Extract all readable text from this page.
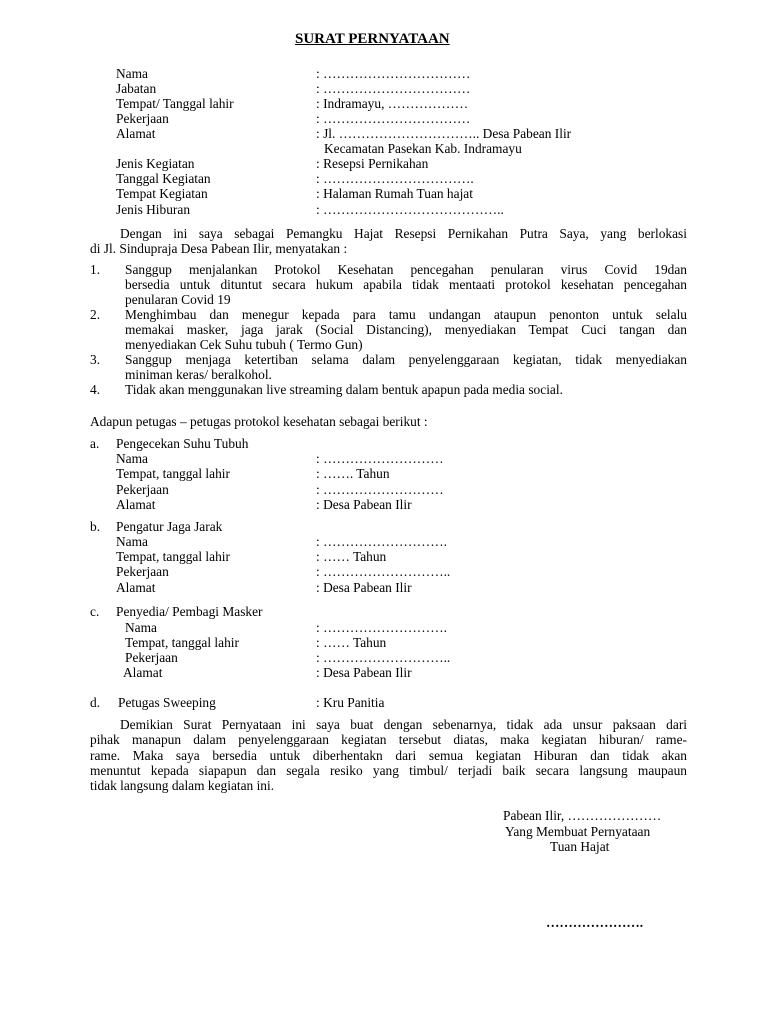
SURAT PERNYATAAN
Nama	: ……………………………
Jabatan	: ……………………………
Tempat/ Tanggal lahir	: Indramayu, ………………
Pekerjaan	: ……………………………
Alamat	: Jl. ………………………….. Desa Pabean Ilir
Kecamatan Pasekan Kab. Indramayu
Jenis Kegiatan	: Resepsi Pernikahan
Tanggal Kegiatan	: …………………………….
Tempat Kegiatan	: Halaman Rumah Tuan hajat
Jenis Hiburan	: …………………………………..
Dengan ini saya sebagai Pemangku Hajat Resepsi Pernikahan Putra Saya, yang berlokasi
di Jl. Sindupraja Desa Pabean Ilir, menyatakan :
1. Sanggup menjalankan Protokol Kesehatan pencegahan penularan virus Covid 19dan
bersedia untuk dituntut secara hukum apabila tidak mentaati protokol kesehatan pencegahan
penularan Covid 19
2. Menghimbau dan menegur kepada para tamu undangan ataupun penonton untuk selalu
memakai masker, jaga jarak (Social Distancing), menyediakan Tempat Cuci tangan dan
menyediakan Cek Suhu tubuh ( Termo Gun)
3. Sanggup menjaga ketertiban selama dalam penyelenggaraan kegiatan, tidak menyediakan
miniman keras/ beralkohol.
4. Tidak akan menggunakan live streaming dalam bentuk apapun pada media social.
Adapun petugas – petugas protokol kesehatan sebagai berikut :
a. Pengecekan Suhu Tubuh
Nama	: ………………………
Tempat, tanggal lahir	: ……. Tahun
Pekerjaan	: ………………………
Alamat	: Desa Pabean Ilir
b. Pengatur Jaga Jarak
Nama	: ……………………….
Tempat, tanggal lahir	: …… Tahun
Pekerjaan	: ………………………..
Alamat	: Desa Pabean Ilir
c. Penyedia/ Pembagi Masker
Nama	: ……………………….
Tempat, tanggal lahir	: …… Tahun
Pekerjaan	: ………………………..
Alamat	: Desa Pabean Ilir
d. Petugas Sweeping	: Kru Panitia
Demikian Surat Pernyataan ini saya buat dengan sebenarnya, tidak ada unsur paksaan dari
pihak manapun dalam penyelenggaraan kegiatan tersebut diatas, maka kegiatan hiburan/ rame-
rame. Maka saya bersedia untuk diberhentakn dari semua kegiatan Hiburan dan tidak akan
menuntut kepada siapapun dan segala resiko yang timbul/ terjadi baik secara langsung maupaun
tidak langsung dalam kegiatan ini.
Pabean Ilir, …………………
Yang Membuat Pernyataan
Tuan Hajat
………………….
